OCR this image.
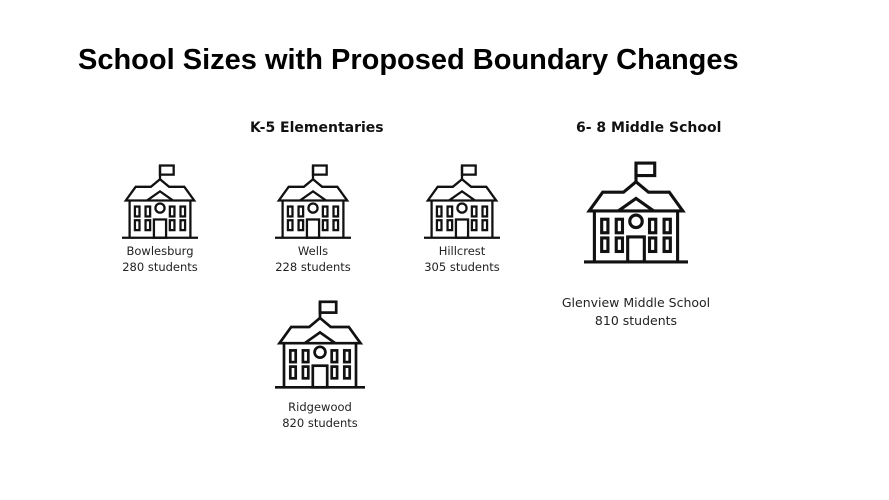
School Sizes with Proposed Boundary Changes
K-5 Elementaries	6- 8 Middle School
Bowlesburg
280 students
Wells
228 students
Hillcrest
305 students
Ridgewood
820 students
Glenview Middle School
810 students
